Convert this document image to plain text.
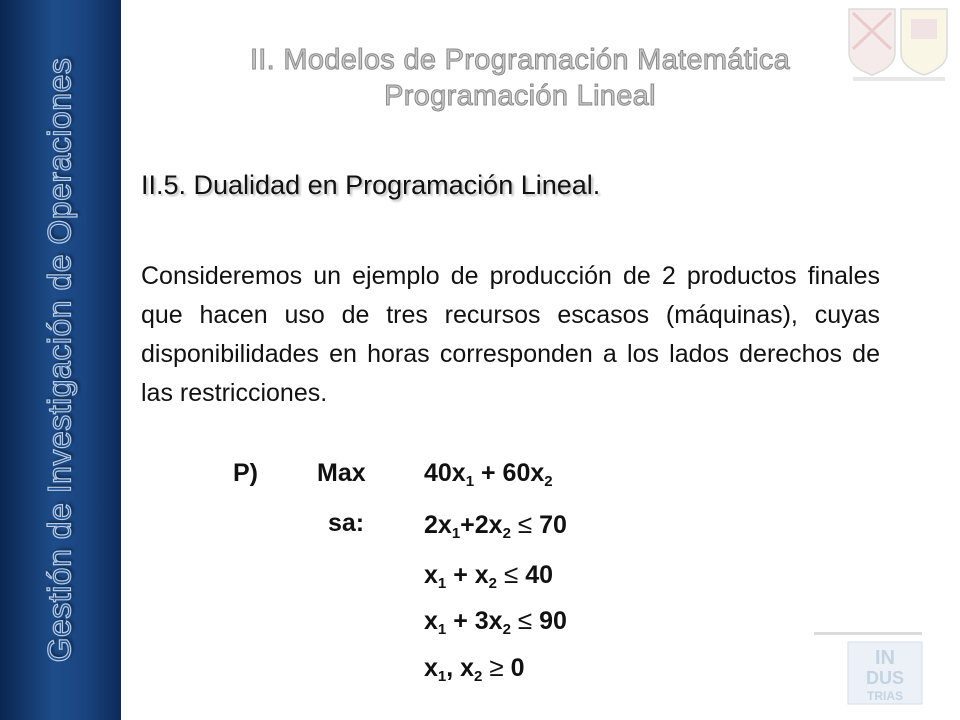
Gestión de Investigación de Operaciones	II. Modelos de Programación Matemática
Programación Lineal
IN
DUS
TRIAS
II.5. Dualidad en Programación Lineal.
Consideremos un ejemplo de producción de 2 productos finales que hacen uso de tres recursos escasos (máquinas), cuyas disponibilidades en horas corresponden a los lados derechos de las restricciones.
P) Max $40x_1 + 60x_2$
sa: $2x_1+2x_2 \le 70$
$x_1 + x_2 \le 40$
$x_1 + 3x_2 \le 90$
$x_1$, $x_2 \ge 0$
